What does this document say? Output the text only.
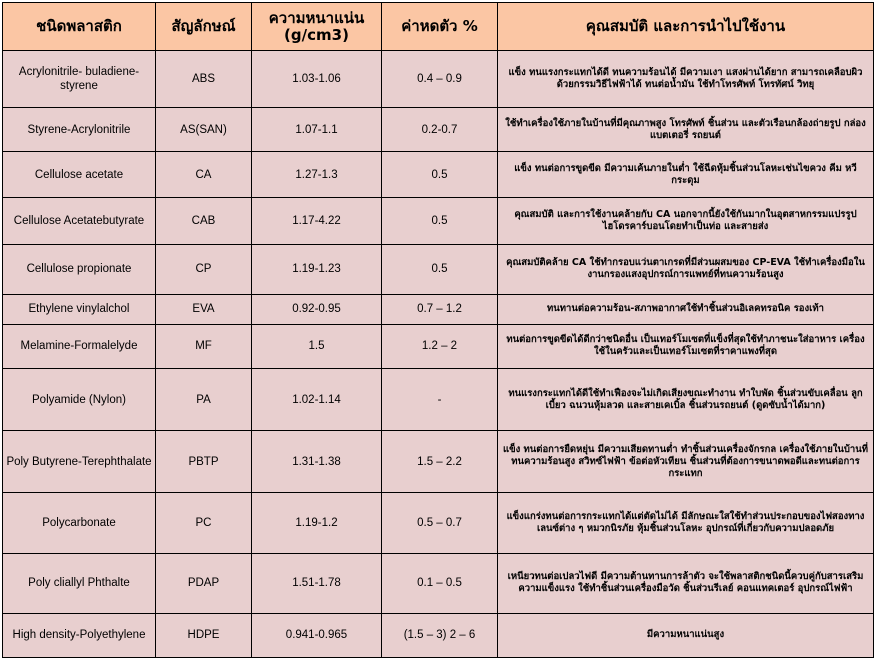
ชนิดพลาสติก	สัญลักษณ์	ความหนาแน่น (g/cm3)	ค่าหดตัว %	คุณสมบัติ และการนำไปใช้งาน
Acrylonitrile- buladiene-styrene	ABS	1.03-1.06	0.4 – 0.9	แข็ง ทนแรงกระแทกได้ดี ทนความร้อนได้ มีความเงา แสงผ่านได้ยาก สามารถเคลือบผิวด้วยกรรมวิธีไฟฟ้าได้ ทนต่อน้ำมัน ใช้ทำโทรศัพท์ โทรทัศน์ วิทยุ
Styrene-Acrylonitrile	AS(SAN)	1.07-1.1	0.2-0.7	ใช้ทำเครื่องใช้ภายในบ้านที่มีคุณภาพสูง โทรศัพท์ ชิ้นส่วน และตัวเรือนกล้องถ่ายรูป กล่องแบตเตอรี่ รถยนต์
Cellulose acetate	CA	1.27-1.3	0.5	แข็ง ทนต่อการขูดขีด มีความเค้นภายในต่ำ ใช้ฉีดหุ้มชิ้นส่วนโลหะเช่นไขควง คีม หวี กระดุม
Cellulose Acetatebutyrate	CAB	1.17-4.22	0.5	คุณสมบัติ และการใช้งานคล้ายกับ CA นอกจากนี้ยังใช้กันมากในอุตสาหกรรมแปรรูปไฮโดรคาร์บอนโดยทำเป็นท่อ และสายส่ง
Cellulose propionate	CP	1.19-1.23	0.5	คุณสมบัติคล้าย CA ใช้ทำกรอบแว่นตาเกรดที่มีส่วนผสมของ CP-EVA ใช้ทำเครื่องมือในงานกรองแสงอุปกรณ์การแพทย์ที่ทนความร้อนสูง
Ethylene vinylalchol	EVA	0.92-0.95	0.7 – 1.2	ทนทานต่อความร้อน-สภาพอากาศใช้ทำชิ้นส่วนอิเลคทรอนิค รองเท้า
Melamine-Formalelyde	MF	1.5	1.2 – 2	ทนต่อการขูดขีดได้ดีกว่าชนิดอื่น เป็นเทอร์โมเซตที่แข็งที่สุดใช้ทำภาชนะใส่อาหาร เครื่องใช้ในครัวและเป็นเทอร์โมเซตที่ราคาแพงที่สุด
Polyamide (Nylon)	PA	1.02-1.14	-	ทนแรงกระแทกได้ดีใช้ทำเฟืองจะไม่เกิดเสียงขณะทำงาน ทำใบพัด ชิ้นส่วนขับเคลื่อน ลูกเบี้ยว ฉนวนหุ้มลวด และสายเคเบิ้ล ชิ้นส่วนรถยนต์ (ดูดซับน้ำได้มาก)
Poly Butyrene-Terephthalate	PBTP	1.31-1.38	1.5 – 2.2	แข็ง ทนต่อการยืดหยุ่น มีความเสียดทานต่ำ ทำชิ้นส่วนเครื่องจักรกล เครื่องใช้ภายในบ้านที่ทนความร้อนสูง สวิทซ์ไฟฟ้า ข้อต่อหัวเทียน ชิ้นส่วนที่ต้องการขนาดพอดีและทนต่อการกระแทก
Polycarbonate	PC	1.19-1.2	0.5 – 0.7	แข็งแกร่งทนต่อการกระแทกได้แต่ตัดไม่ได้ มีลักษณะใสใช้ทำส่วนประกอบของไฟสองทางเลนซ์ต่าง ๆ หมวกนิรภัย หุ้มชิ้นส่วนโลหะ อุปกรณ์ที่เกี่ยวกับความปลอดภัย
Poly cliallyl Phthalte	PDAP	1.51-1.78	0.1 – 0.5	เหนียวทนต่อเปลวไฟดี มีความต้านทานการล้าตัว จะใช้พลาสติกชนิดนี้ควบคู่กับสารเสริมความแข็งแรง ใช้ทำชิ้นส่วนเครื่องมือวัด ชิ้นส่วนรีเลย์ คอนแทคเตอร์ อุปกรณ์ไฟฟ้า
High density-Polyethylene	HDPE	0.941-0.965	(1.5 – 3) 2 – 6	มีความหนาแน่นสูง
